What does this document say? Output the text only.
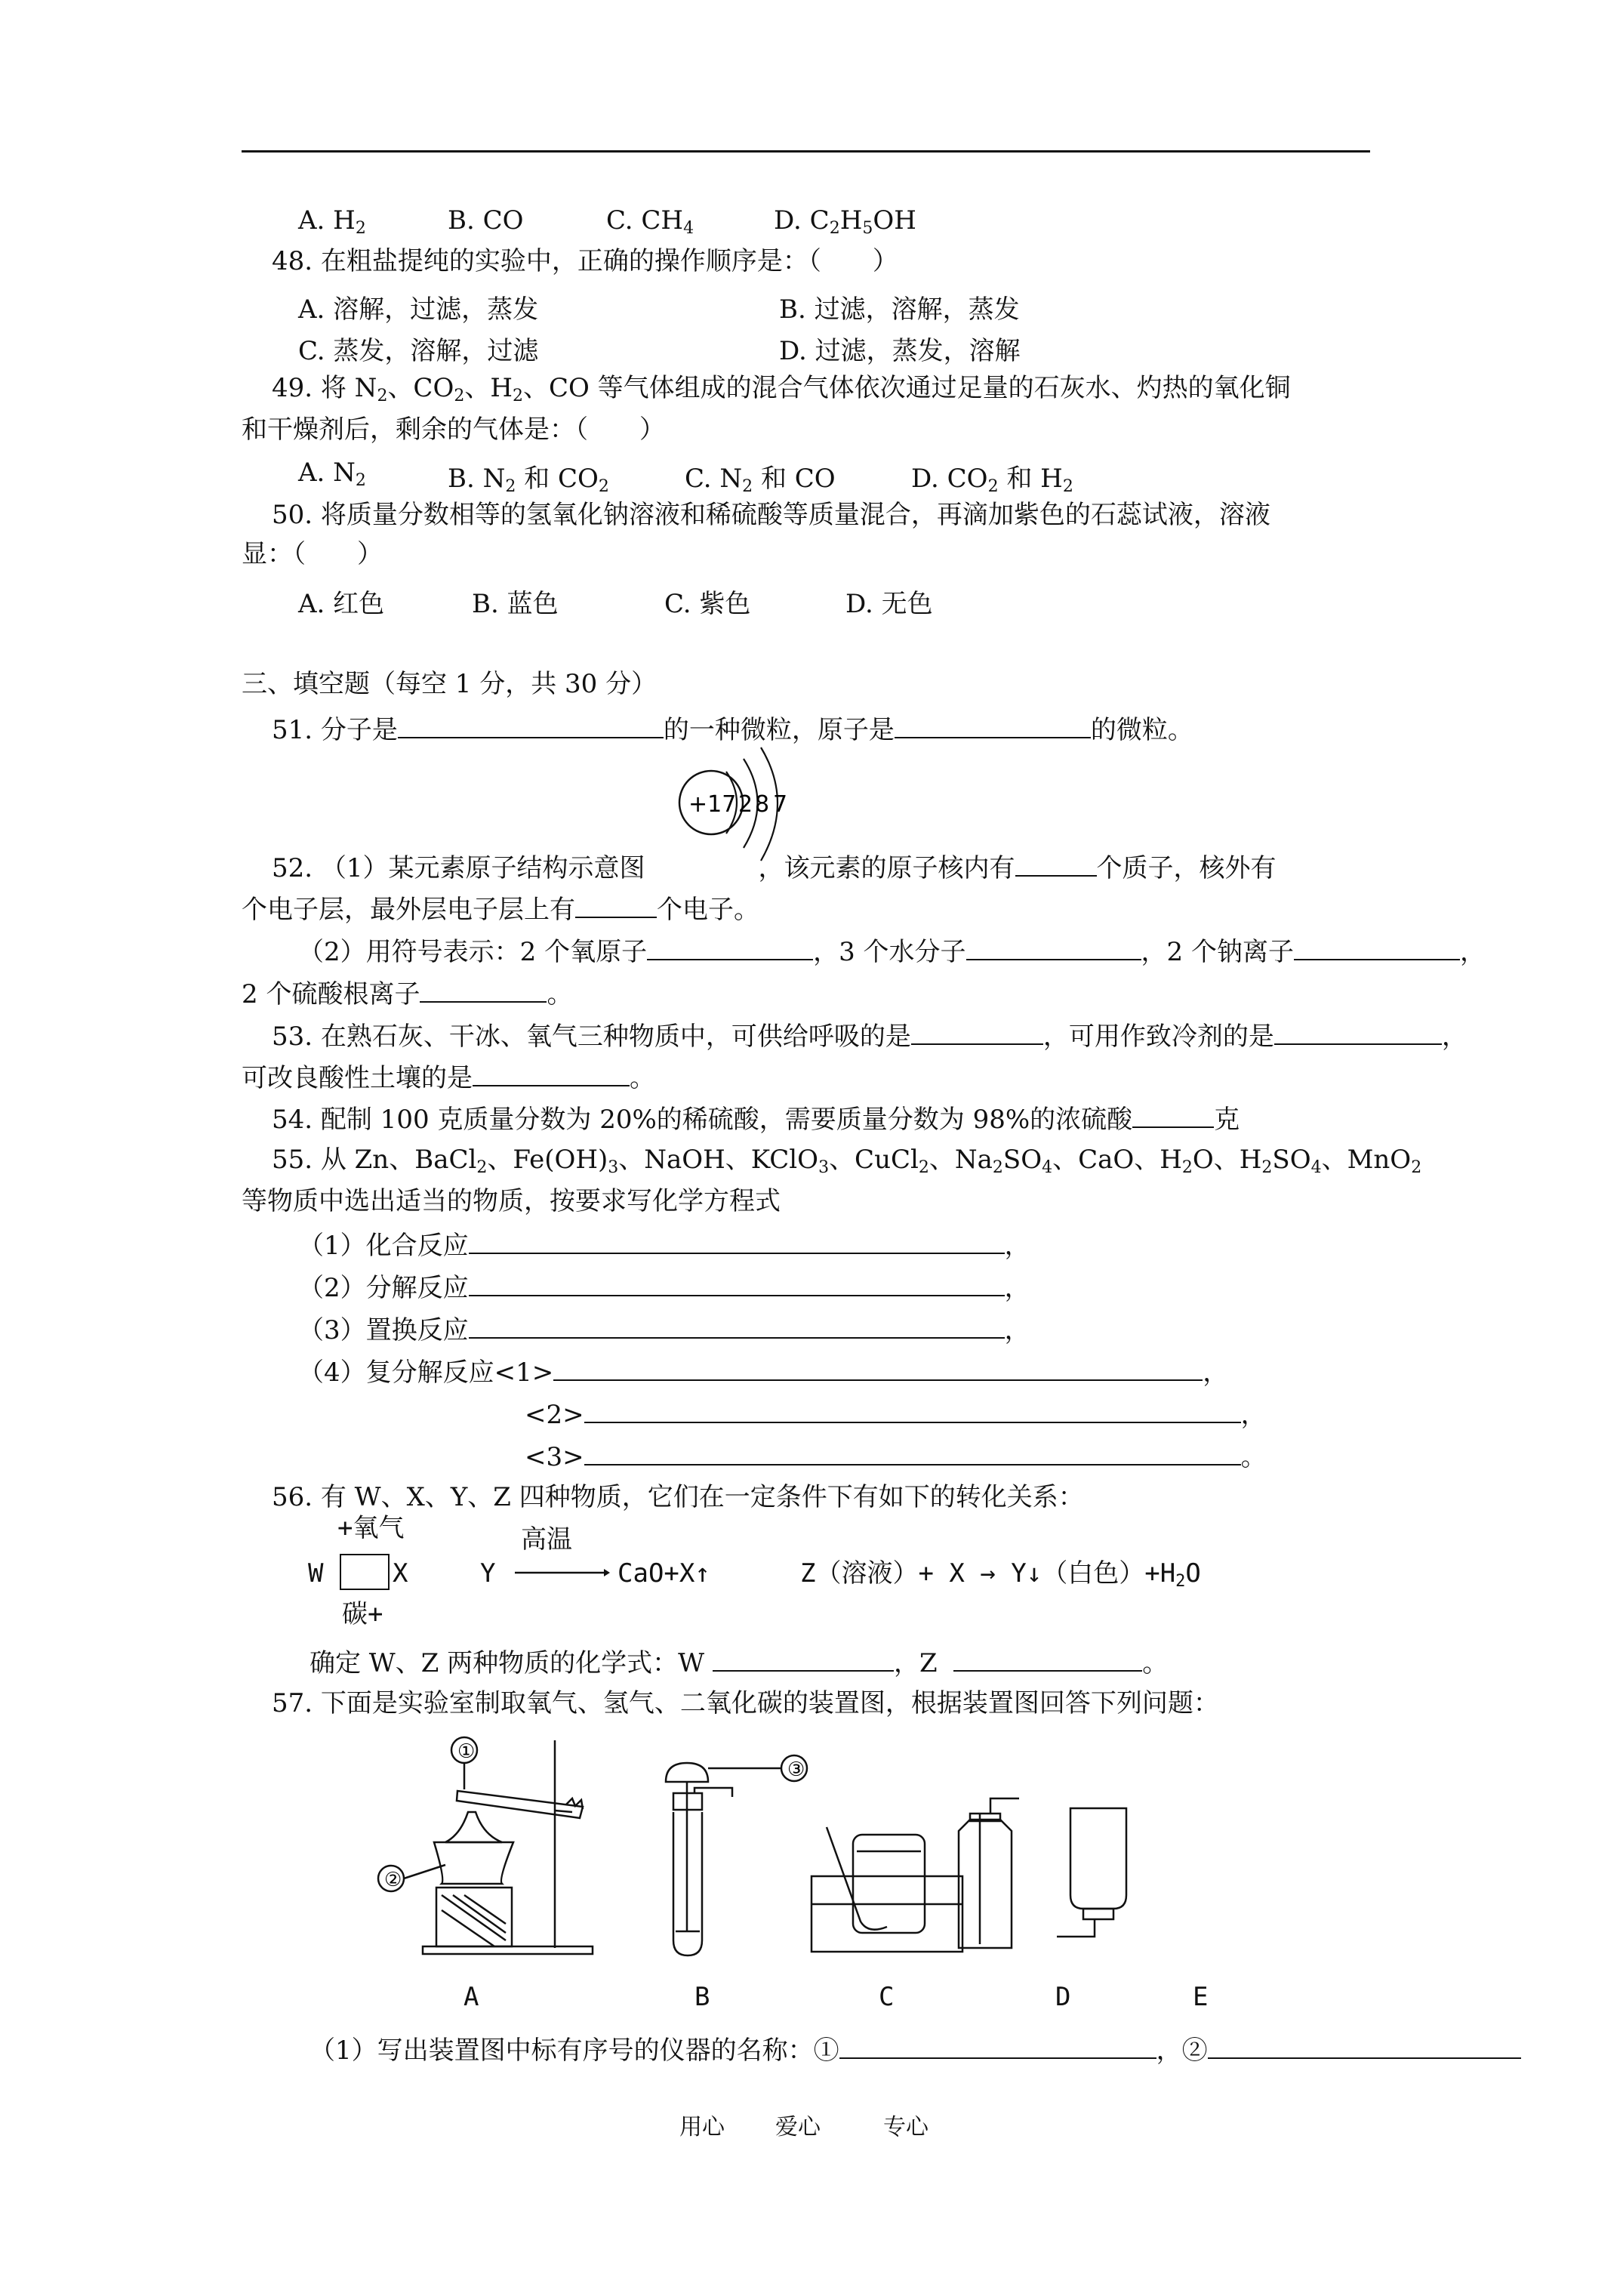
A. $H_2$	B. CO	C. $CH_4$	D. $C_2H_5OH$
48. 在粗盐提纯的实验中，正确的操作顺序是：（　　）
A. 溶解，过滤，蒸发	B. 过滤，溶解，蒸发
C. 蒸发，溶解，过滤	D. 过滤，蒸发，溶解
49. 将 $N_2$、$CO_2$、$H_2$、CO 等气体组成的混合气体依次通过足量的石灰水、灼热的氧化铜
和干燥剂后，剩余的气体是：（　　）
A. $N_2$	B. $N_2$ 和 $CO_2$	C. $N_2$ 和 CO	D. $CO_2$ 和 $H_2$
50. 将质量分数相等的氢氧化钠溶液和稀硫酸等质量混合，再滴加紫色的石蕊试液，溶液
显：（　　）
A. 红色	B. 蓝色	C. 紫色	D. 无色
三、填空题（每空 1 分，共 30 分）
51. 分子是	的一种微粒，原子是	的微粒。
+17 2 8 7
52. （1）某元素原子结构示意图	，该元素的原子核内有	个质子，核外有
个电子层，最外层电子层上有	个电子。
（2）用符号表示：2 个氧原子	，3 个水分子	，2 个钠离子	，
2 个硫酸根离子	。
53. 在熟石灰、干冰、氧气三种物质中，可供给呼吸的是	，可用作致冷剂的是	，
可改良酸性土壤的是	。
54. 配制 100 克质量分数为 20%的稀硫酸，需要质量分数为 98%的浓硫酸	克
55. 从 Zn、BaCl$_2$、$Fe(OH)_3$、NaOH、KClO$_3$、CuCl$_2$、$Na_2SO_4$、CaO、$H_2O$、$H_2SO_4$、MnO$_2$
等物质中选出适当的物质，按要求写化学方程式
（1）化合反应	，
（2）分解反应	，
（3）置换反应	，
（4）复分解反应<1>	，
<2>	，
<3>	。
56. 有 W、X、Y、Z 四种物质，它们在一定条件下有如下的转化关系：
+氧气
W	X
碳+
Y
高温
CaO+X↑	Z（溶液）+ X → Y↓（白色）$+H_2O$
确定 W、Z 两种物质的化学式：W	，Z	。
57. 下面是实验室制取氧气、氢气、二氧化碳的装置图，根据装置图回答下列问题：
①
②
③
A	B	C	D	E
（1）写出装置图中标有序号的仪器的名称：①	，②
用心 爱心	专心
